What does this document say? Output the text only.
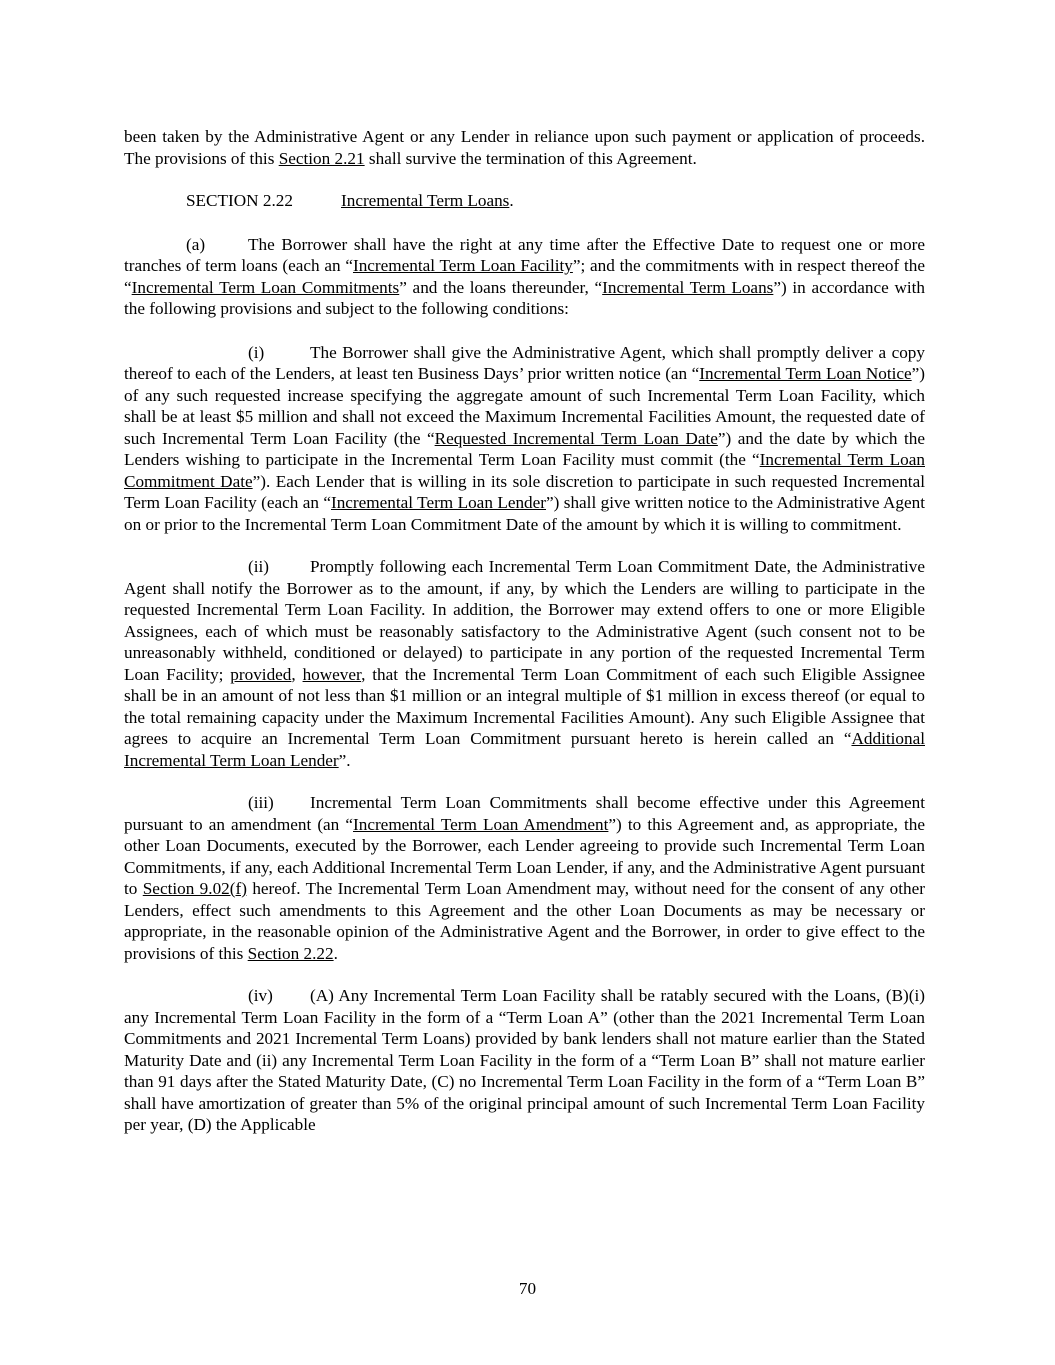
been taken by the Administrative Agent or any Lender in reliance upon such payment or application of proceeds. The provisions of this Section 2.21 shall survive the termination of this Agreement.

SECTION 2.22	Incremental Term Loans.

(a) The Borrower shall have the right at any time after the Effective Date to request one or more tranches of term loans (each an “Incremental Term Loan Facility”; and the commitments with in respect thereof the “Incremental Term Loan Commitments” and the loans thereunder, “Incremental Term Loans”) in accordance with the following provisions and subject to the following conditions:

(i)	The Borrower shall give the Administrative Agent, which shall promptly deliver a copy thereof to each of the Lenders, at least ten Business Days’ prior written notice (an “Incremental Term Loan Notice”) of any such requested increase specifying the aggregate amount of such Incremental Term Loan Facility, which shall be at least $5 million and shall not exceed the Maximum Incremental Facilities Amount, the requested date of such Incremental Term Loan Facility (the “Requested Incremental Term Loan Date”) and the date by which the Lenders wishing to participate in the Incremental Term Loan Facility must commit (the “Incremental Term Loan Commitment Date”). Each Lender that is willing in its sole discretion to participate in such requested Incremental Term Loan Facility (each an “Incremental Term Loan Lender”) shall give written notice to the Administrative Agent on or prior to the Incremental Term Loan Commitment Date of the amount by which it is willing to commitment.

(ii) Promptly following each Incremental Term Loan Commitment Date, the Administrative Agent shall notify the Borrower as to the amount, if any, by which the Lenders are willing to participate in the requested Incremental Term Loan Facility. In addition, the Borrower may extend offers to one or more Eligible Assignees, each of which must be reasonably satisfactory to the Administrative Agent (such consent not to be unreasonably withheld, conditioned or delayed) to participate in any portion of the requested Incremental Term Loan Facility; provided, however, that the Incremental Term Loan Commitment of each such Eligible Assignee shall be in an amount of not less than $1 million or an integral multiple of $1 million in excess thereof (or equal to the total remaining capacity under the Maximum Incremental Facilities Amount). Any such Eligible Assignee that agrees to acquire an Incremental Term Loan Commitment pursuant hereto is herein called an “Additional Incremental Term Loan Lender”.

(iii) Incremental Term Loan Commitments shall become effective under this Agreement pursuant to an amendment (an “Incremental Term Loan Amendment”) to this Agreement and, as appropriate, the other Loan Documents, executed by the Borrower, each Lender agreeing to provide such Incremental Term Loan Commitments, if any, each Additional Incremental Term Loan Lender, if any, and the Administrative Agent pursuant to Section 9.02(f) hereof. The Incremental Term Loan Amendment may, without need for the consent of any other Lenders, effect such amendments to this Agreement and the other Loan Documents as may be necessary or appropriate, in the reasonable opinion of the Administrative Agent and the Borrower, in order to give effect to the provisions of this Section 2.22.

(iv) (A) Any Incremental Term Loan Facility shall be ratably secured with the Loans, (B)(i) any Incremental Term Loan Facility in the form of a “Term Loan A” (other than the 2021 Incremental Term Loan Commitments and 2021 Incremental Term Loans) provided by bank lenders shall not mature earlier than the Stated Maturity Date and (ii) any Incremental Term Loan Facility in the form of a “Term Loan B” shall not mature earlier than 91 days after the Stated Maturity Date, (C) no Incremental Term Loan Facility in the form of a “Term Loan B” shall have amortization of greater than 5% of the original principal amount of such Incremental Term Loan Facility per year, (D) the Applicable

70
